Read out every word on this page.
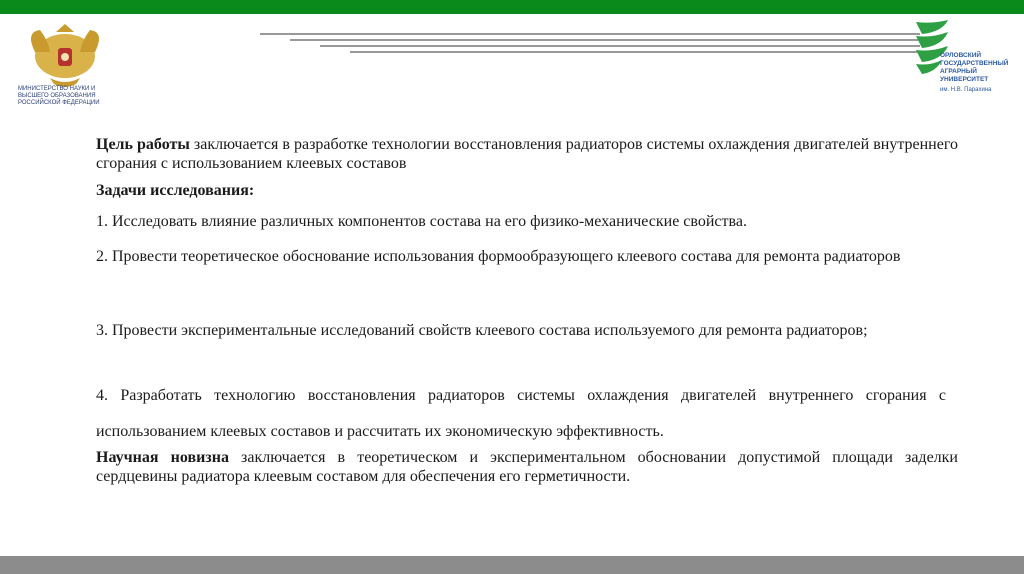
МИНИСТЕРСТВО НАУКИ И ВЫСШЕГО ОБРАЗОВАНИЯ РОССИЙСКОЙ ФЕДЕРАЦИИ
ОРЛОВСКИЙ ГОСУДАРСТВЕННЫЙ АГРАРНЫЙ УНИВЕРСИТЕТ
им. Н.В. Парахина

Цель работы заключается в разработке технологии восстановления радиаторов системы охлаждения двигателей внутреннего сгорания с использованием клеевых составов

Задачи исследования:
1. Исследовать влияние различных компонентов состава на его физико-механические свойства.
2. Провести теоретическое обоснование использования формообразующего клеевого состава для ремонта радиаторов
3. Провести экспериментальные исследований свойств клеевого состава используемого для ремонта радиаторов;
4. Разработать технологию восстановления радиаторов системы охлаждения двигателей внутреннего сгорания с использованием клеевых составов и рассчитать их экономическую эффективность.

Научная новизна заключается в теоретическом и экспериментальном обосновании допустимой площади заделки сердцевины радиатора клеевым составом для обеспечения его герметичности.
